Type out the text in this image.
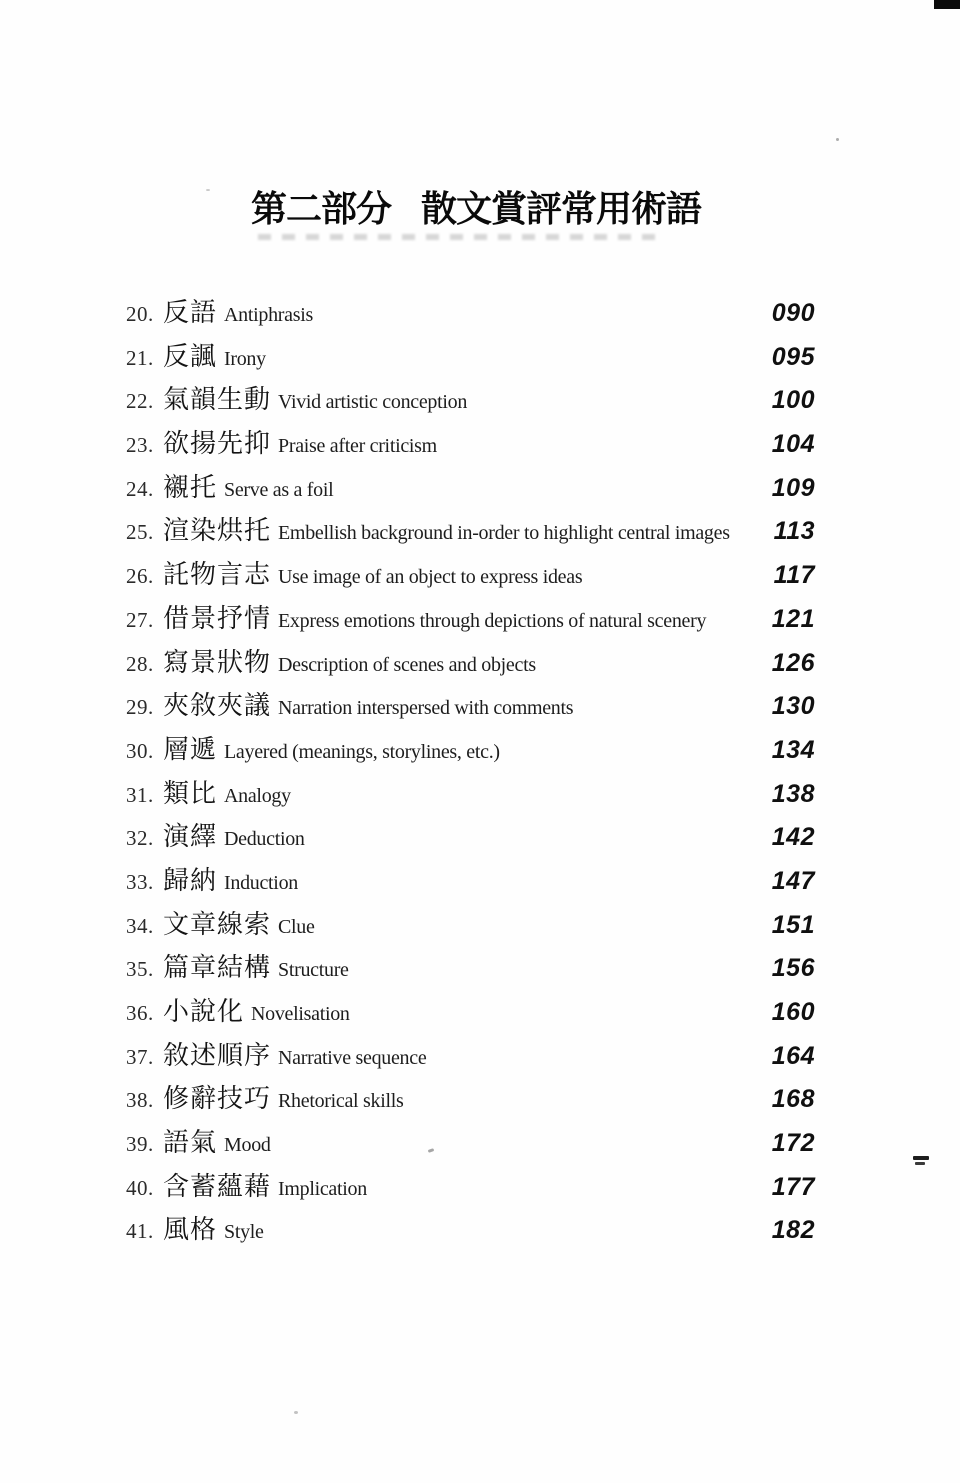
第二部分 散文賞評常用術語
20. 反語 Antiphrasis	090
21. 反諷 Irony	095
22. 氣韻生動 Vivid artistic conception	100
23. 欲揚先抑 Praise after criticism	104
24. 襯托 Serve as a foil	109
25. 渲染烘托 Embellish background in-order to highlight central images	113
26. 託物言志 Use image of an object to express ideas	117
27. 借景抒情 Express emotions through depictions of natural scenery	121
28. 寫景狀物 Description of scenes and objects	126
29. 夾敘夾議 Narration interspersed with comments	130
30. 層遞 Layered (meanings, storylines, etc.)	134
31. 類比 Analogy	138
32. 演繹 Deduction	142
33. 歸納 Induction	147
34. 文章線索 Clue	151
35. 篇章結構 Structure	156
36. 小說化 Novelisation	160
37. 敘述順序 Narrative sequence	164
38. 修辭技巧 Rhetorical skills	168
39. 語氣 Mood	172
40. 含蓄蘊藉 Implication	177
41. 風格 Style	182
